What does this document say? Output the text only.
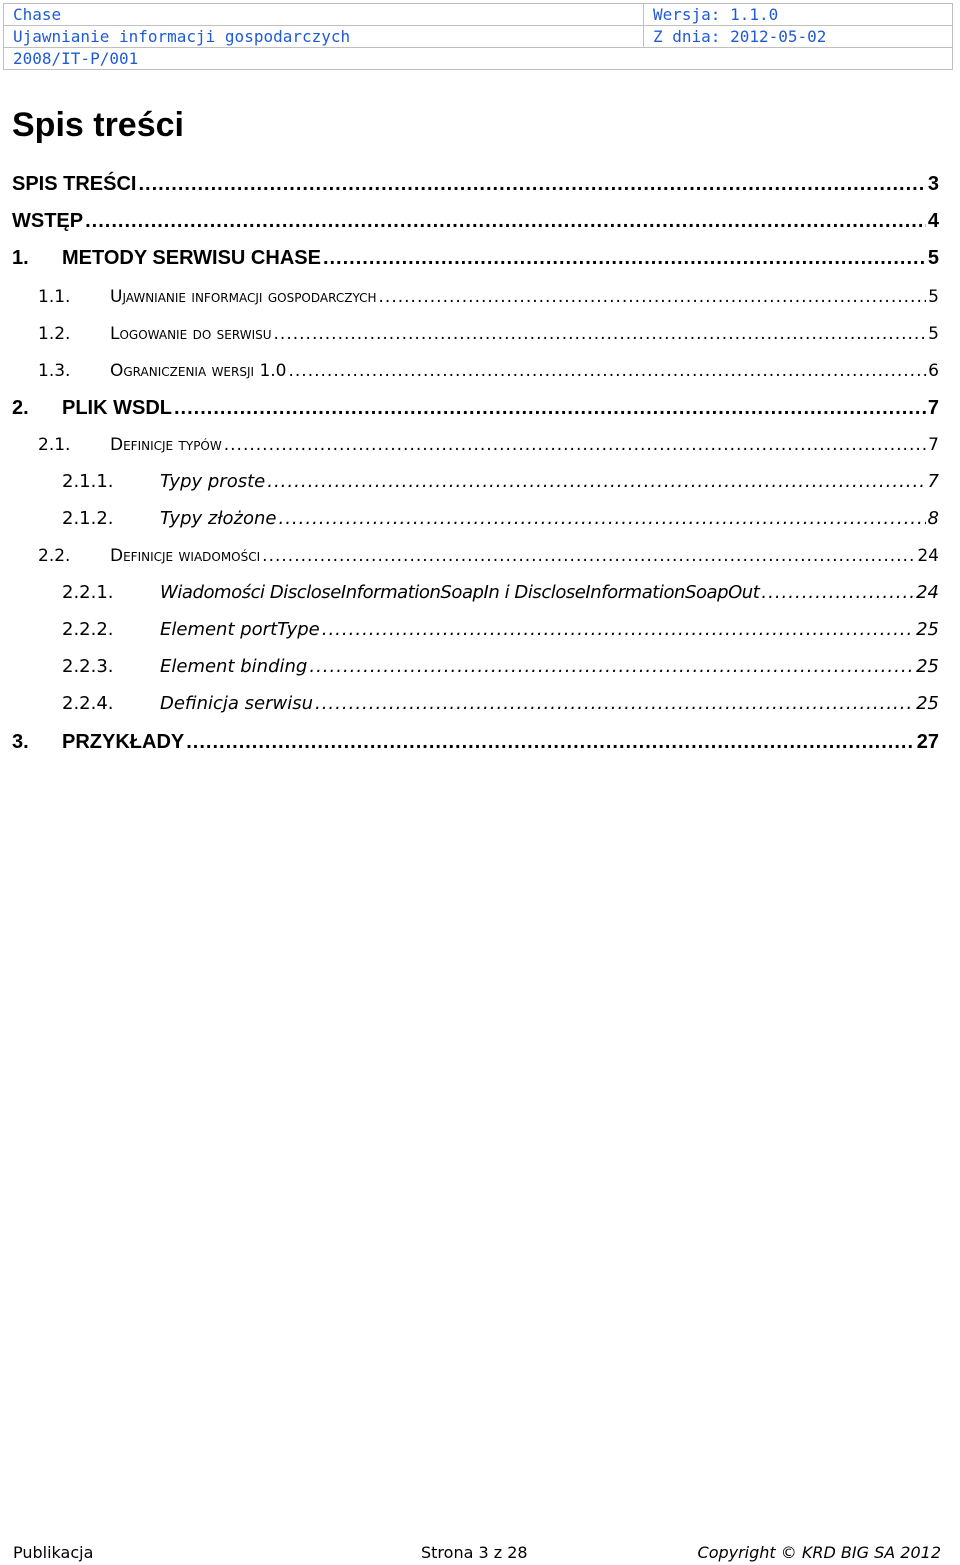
Chase	Wersja: 1.1.0
Ujawnianie informacji gospodarczych	Z dnia: 2012-05-02
2008/IT-P/001
Spis treści
SPIS TREŚCI .....	3
WSTĘP .....	4
1.	METODY SERWISU CHASE .....	5
1.1.	Ujawnianie informacji gospodarczych .....	5
1.2.	Logowanie do serwisu .....	5
1.3.	Ograniczenia wersji 1.0 .....	6
2.	PLIK WSDL .....	7
2.1.	Definicje typów .....	7
2.1.1.	Typy proste .....	7
2.1.2.	Typy złożone .....	8
2.2.	Definicje wiadomości .....	24
2.2.1.	Wiadomości DiscloseInformationSoapIn i DiscloseInformationSoapOut .....	24
2.2.2.	Element portType .....	25
2.2.3.	Element binding .....	25
2.2.4.	Definicja serwisu .....	25
3.	PRZYKŁADY .....	27
Publikacja	Strona 3 z 28	Copyright © KRD BIG SA 2012
